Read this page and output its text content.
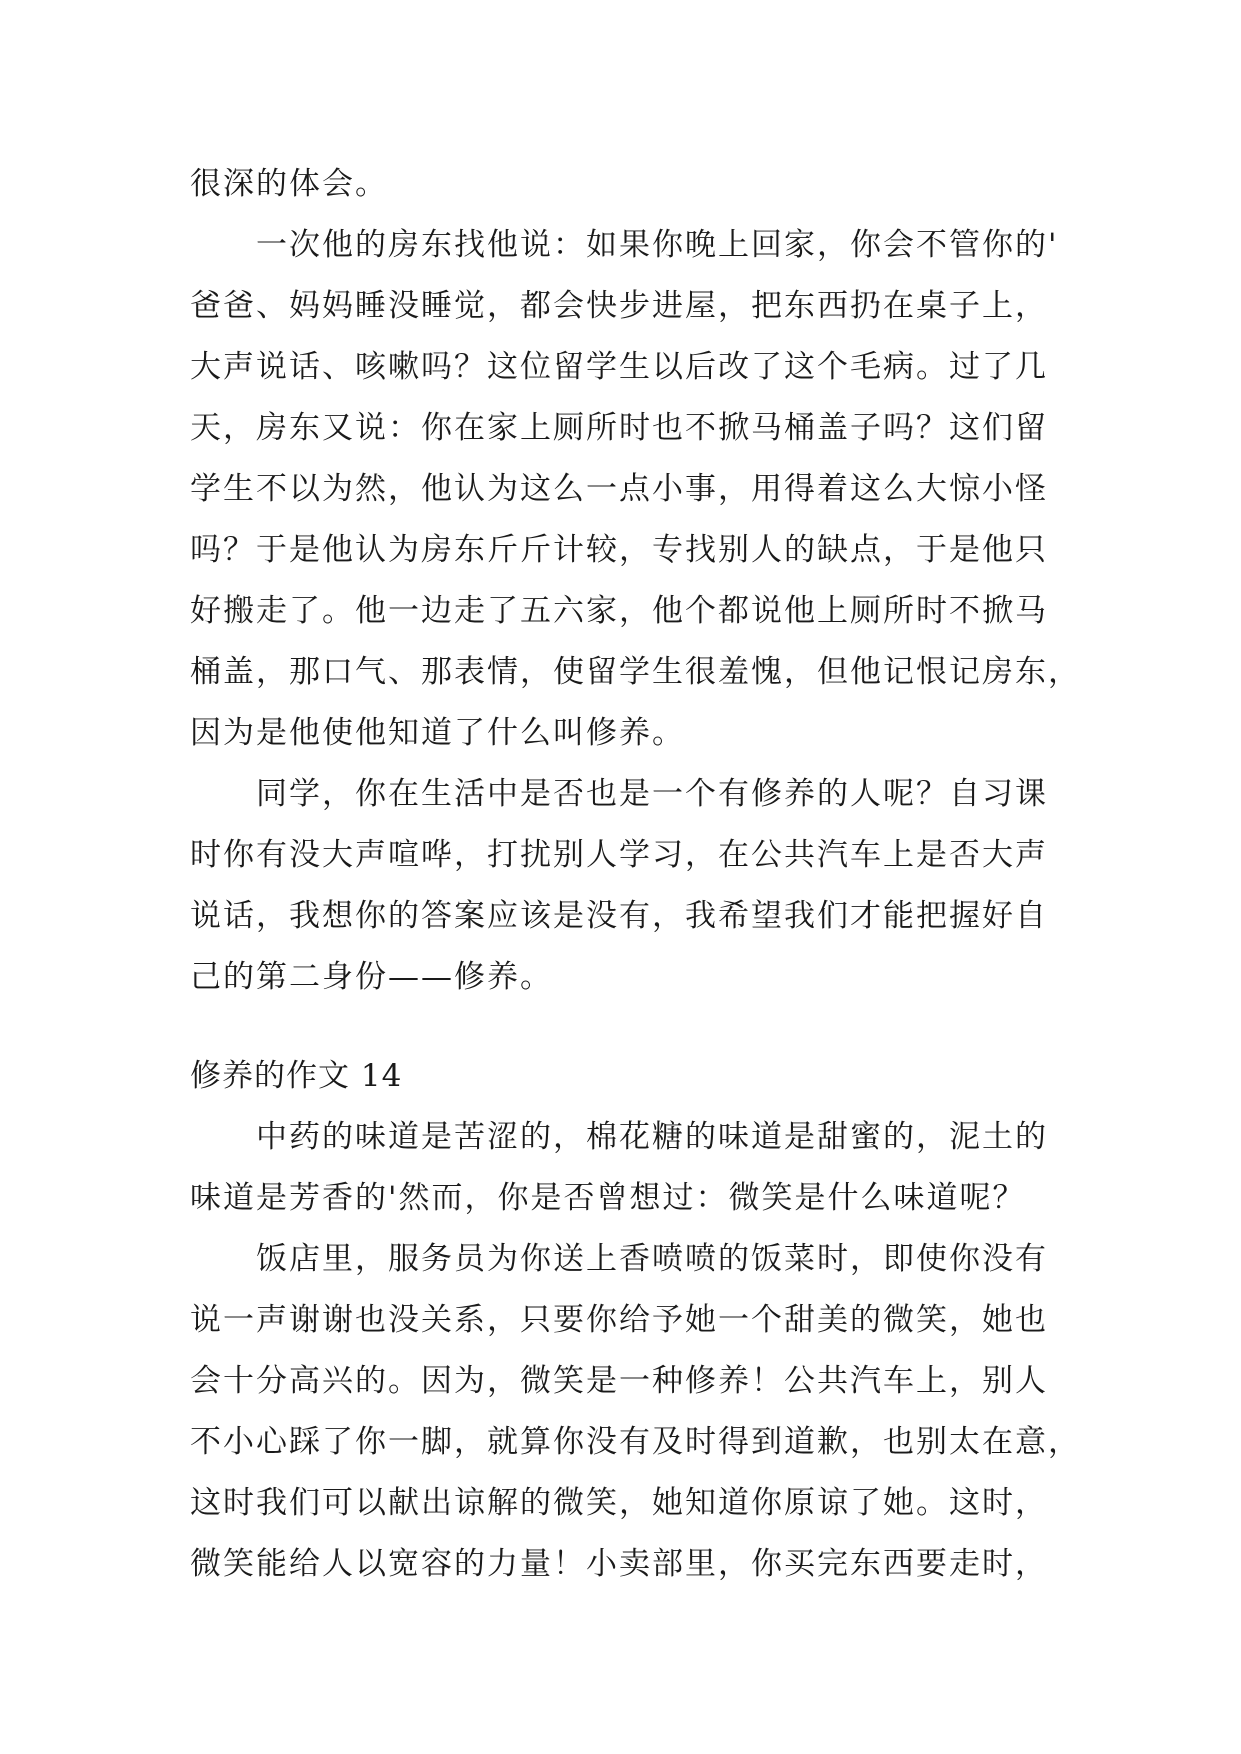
很深的体会。
一次他的房东找他说：如果你晚上回家，你会不管你的'
爸爸、妈妈睡没睡觉，都会快步进屋，把东西扔在桌子上，
大声说话、咳嗽吗？这位留学生以后改了这个毛病。过了几
天，房东又说：你在家上厕所时也不掀马桶盖子吗？这们留
学生不以为然，他认为这么一点小事，用得着这么大惊小怪
吗？于是他认为房东斤斤计较，专找别人的缺点，于是他只
好搬走了。他一边走了五六家，他个都说他上厕所时不掀马
桶盖，那口气、那表情，使留学生很羞愧，但他记恨记房东，
因为是他使他知道了什么叫修养。
同学，你在生活中是否也是一个有修养的人呢？自习课
时你有没大声喧哗，打扰别人学习，在公共汽车上是否大声
说话，我想你的答案应该是没有，我希望我们才能把握好自
己的第二身份——修养。
修养的作文 14
中药的味道是苦涩的，棉花糖的味道是甜蜜的，泥土的
味道是芳香的'然而，你是否曾想过：微笑是什么味道呢？
饭店里，服务员为你送上香喷喷的饭菜时，即使你没有
说一声谢谢也没关系，只要你给予她一个甜美的微笑，她也
会十分高兴的。因为，微笑是一种修养！公共汽车上，别人
不小心踩了你一脚，就算你没有及时得到道歉，也别太在意，
这时我们可以献出谅解的微笑，她知道你原谅了她。这时，
微笑能给人以宽容的力量！小卖部里，你买完东西要走时，
